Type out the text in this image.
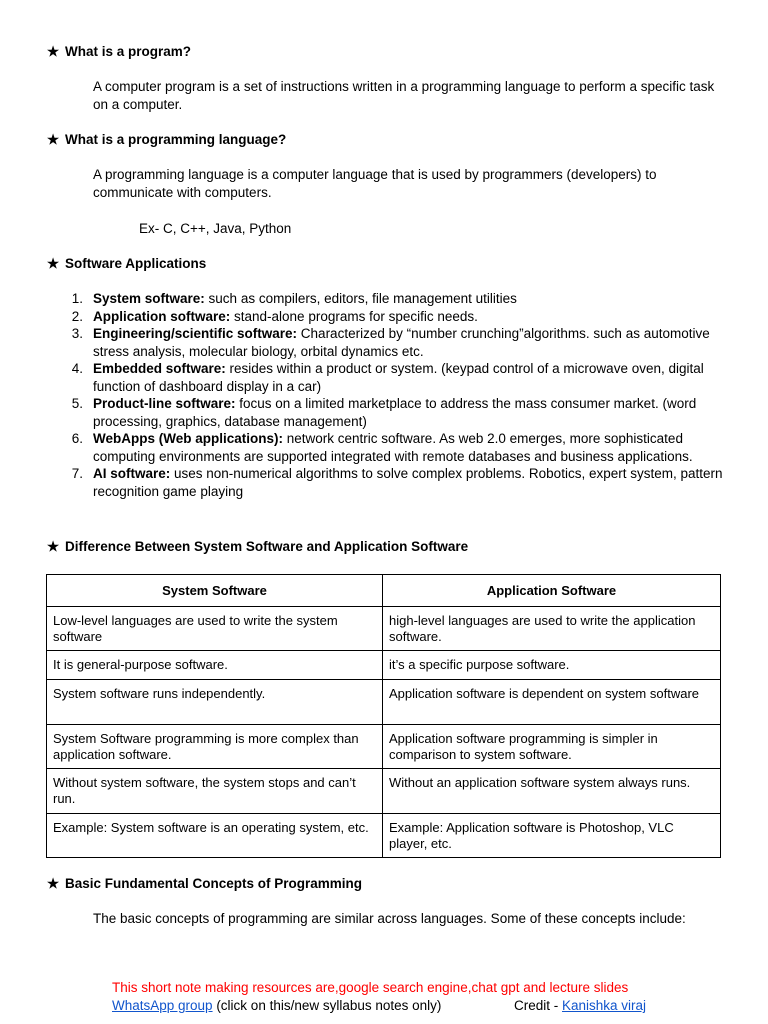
★ What is a program?
A computer program is a set of instructions written in a programming language to perform a specific task on a computer.
★ What is a programming language?
A programming language is a computer language that is used by programmers (developers) to communicate with computers.
Ex- C, C++, Java, Python
★ Software Applications
1. System software: such as compilers, editors, file management utilities
2. Application software: stand-alone programs for specific needs.
3. Engineering/scientific software: Characterized by “number crunching”algorithms. such as automotive stress analysis, molecular biology, orbital dynamics etc.
4. Embedded software: resides within a product or system. (keypad control of a microwave oven, digital function of dashboard display in a car)
5. Product-line software: focus on a limited marketplace to address the mass consumer market. (word processing, graphics, database management)
6. WebApps (Web applications): network centric software. As web 2.0 emerges, more sophisticated computing environments are supported integrated with remote databases and business applications.
7. AI software: uses non-numerical algorithms to solve complex problems. Robotics, expert system, pattern recognition game playing
★ Difference Between System Software and Application Software
System Software	Application Software
Low-level languages are used to write the system software	high-level languages are used to write the application software.
It is general-purpose software.	it’s a specific purpose software.
System software runs independently.	Application software is dependent on system software
System Software programming is more complex than application software.	Application software programming is simpler in comparison to system software.
Without system software, the system stops and can’t run.	Without an application software system always runs.
Example: System software is an operating system, etc.	Example: Application software is Photoshop, VLC player, etc.
★ Basic Fundamental Concepts of Programming
The basic concepts of programming are similar across languages. Some of these concepts include:
This short note making resources are,google search engine,chat gpt and lecture slides
WhatsApp group (click on this/new syllabus notes only)	Credit - Kanishka viraj
